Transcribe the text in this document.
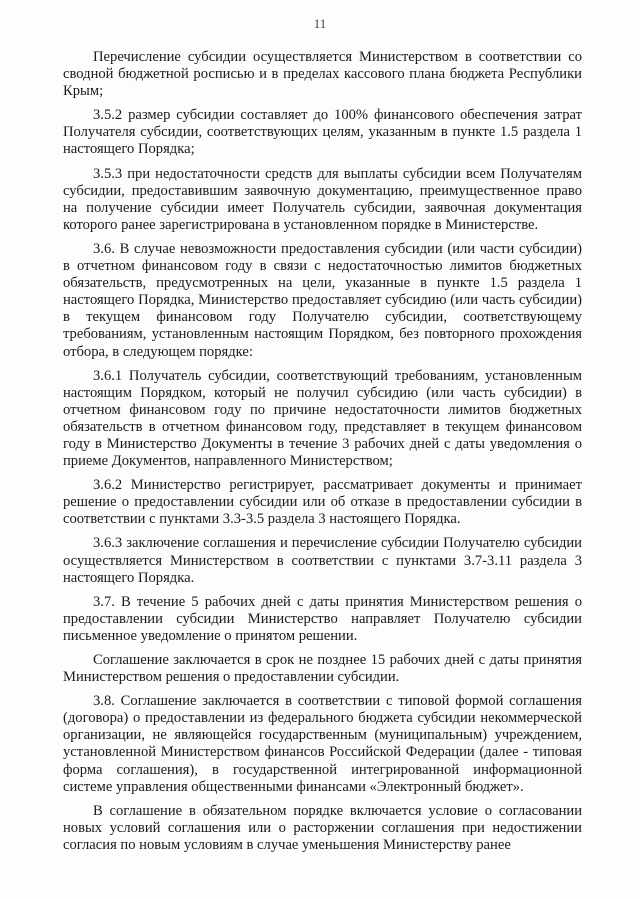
11

Перечисление субсидии осуществляется Министерством в соответствии со сводной бюджетной росписью и в пределах кассового плана бюджета Республики Крым;

3.5.2 размер субсидии составляет до 100% финансового обеспечения затрат Получателя субсидии, соответствующих целям, указанным в пункте 1.5 раздела 1 настоящего Порядка;

3.5.3 при недостаточности средств для выплаты субсидии всем Получателям субсидии, предоставившим заявочную документацию, преимущественное право на получение субсидии имеет Получатель субсидии, заявочная документация которого ранее зарегистрирована в установленном порядке в Министерстве.

3.6. В случае невозможности предоставления субсидии (или части субсидии) в отчетном финансовом году в связи с недостаточностью лимитов бюджетных обязательств, предусмотренных на цели, указанные в пункте 1.5 раздела 1 настоящего Порядка, Министерство предоставляет субсидию (или часть субсидии) в текущем финансовом году Получателю субсидии, соответствующему требованиям, установленным настоящим Порядком, без повторного прохождения отбора, в следующем порядке:

3.6.1 Получатель субсидии, соответствующий требованиям, установленным настоящим Порядком, который не получил субсидию (или часть субсидии) в отчетном финансовом году по причине недостаточности лимитов бюджетных обязательств в отчетном финансовом году, представляет в текущем финансовом году в Министерство Документы в течение 3 рабочих дней с даты уведомления о приеме Документов, направленного Министерством;

3.6.2 Министерство регистрирует, рассматривает документы и принимает решение о предоставлении субсидии или об отказе в предоставлении субсидии в соответствии с пунктами 3.3-3.5 раздела 3 настоящего Порядка.

3.6.3 заключение соглашения и перечисление субсидии Получателю субсидии осуществляется Министерством в соответствии с пунктами 3.7-3.11 раздела 3 настоящего Порядка.

3.7. В течение 5 рабочих дней с даты принятия Министерством решения о предоставлении субсидии Министерство направляет Получателю субсидии письменное уведомление о принятом решении.

Соглашение заключается в срок не позднее 15 рабочих дней с даты принятия Министерством решения о предоставлении субсидии.

3.8. Соглашение заключается в соответствии с типовой формой соглашения (договора) о предоставлении из федерального бюджета субсидии некоммерческой организации, не являющейся государственным (муниципальным) учреждением, установленной Министерством финансов Российской Федерации (далее - типовая форма соглашения), в государственной интегрированной информационной системе управления общественными финансами «Электронный бюджет».

В соглашение в обязательном порядке включается условие о согласовании новых условий соглашения или о расторжении соглашения при недостижении согласия по новым условиям в случае уменьшения Министерству ранее
